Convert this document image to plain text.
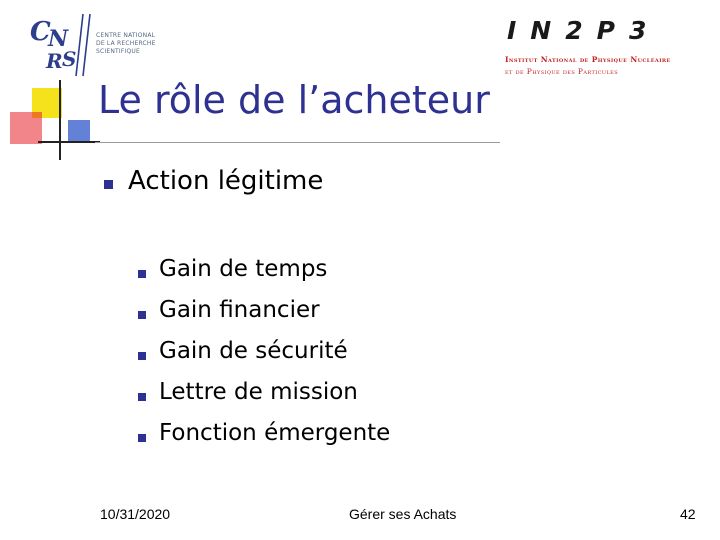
C
N
R S
CENTRE NATIONAL
DE LA RECHERCHE
SCIENTIFIQUE
IN2P3
Institut National de Physique Nucléaire
et de Physique des Particules
Le rôle de l’acheteur
Action légitime
Gain de temps
Gain financier
Gain de sécurité
Lettre de mission
Fonction émergente
10/31/2020	Gérer ses Achats	42
